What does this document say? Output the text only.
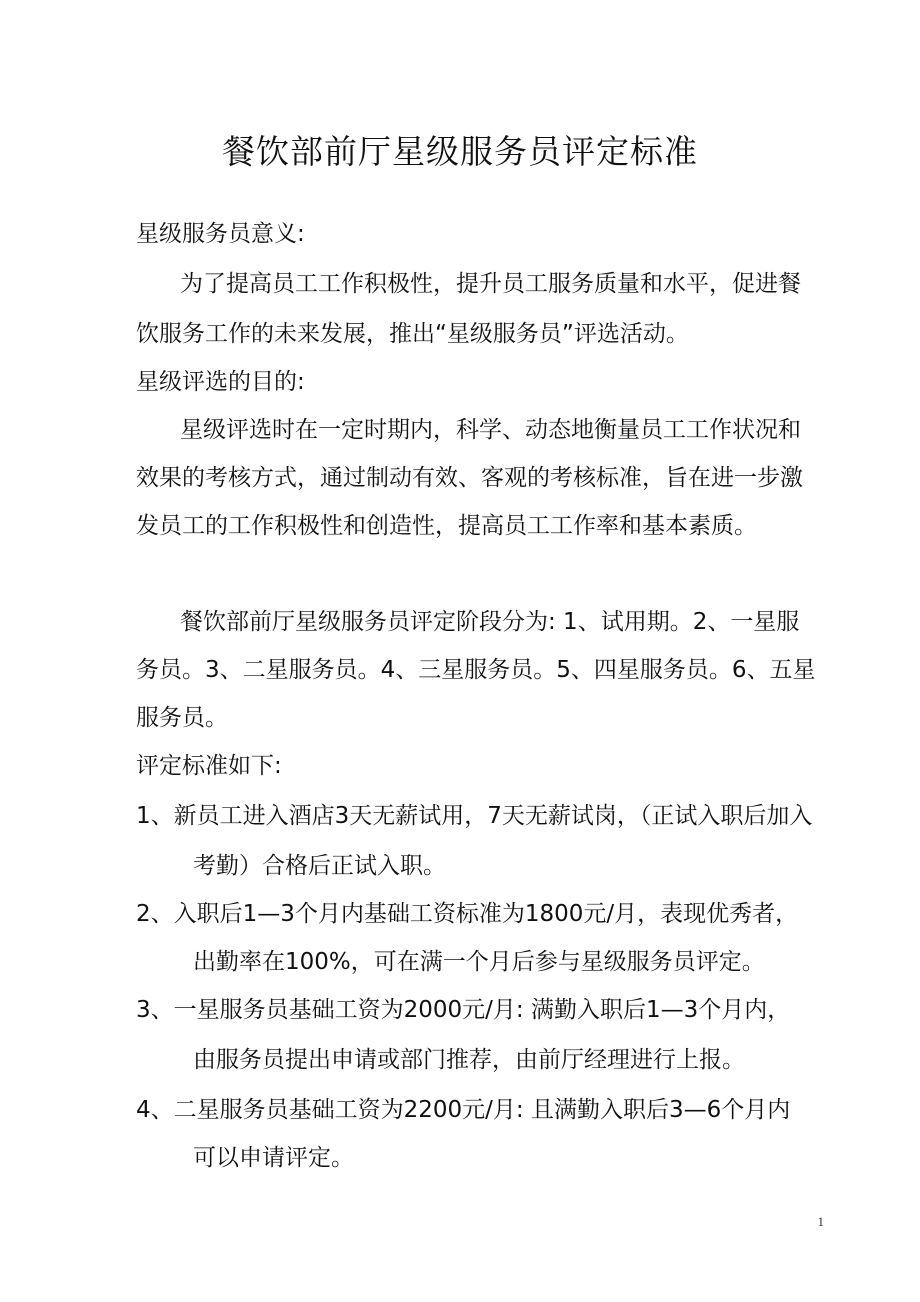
餐饮部前厅星级服务员评定标准
星级服务员意义:
为了提高员工工作积极性，提升员工服务质量和水平，促进餐
饮服务工作的未来发展，推出“星级服务员”评选活动。
星级评选的目的:
星级评选时在一定时期内，科学、动态地衡量员工工作状况和
效果的考核方式，通过制动有效、客观的考核标准，旨在进一步激
发员工的工作积极性和创造性，提高员工工作率和基本素质。
餐饮部前厅星级服务员评定阶段分为: 1、试用期。2、一星服
务员。3、二星服务员。4、三星服务员。5、四星服务员。6、五星
服务员。
评定标准如下:
1、新员工进入酒店3天无薪试用，7天无薪试岗，（正试入职后加入
考勤）合格后正试入职。
2、入职后1—3个月内基础工资标准为1800元/月，表现优秀者，
出勤率在100%，可在满一个月后参与星级服务员评定。
3、一星服务员基础工资为2000元/月: 满勤入职后1—3个月内，
由服务员提出申请或部门推荐，由前厅经理进行上报。
4、二星服务员基础工资为2200元/月: 且满勤入职后3—6个月内
可以申请评定。
1
